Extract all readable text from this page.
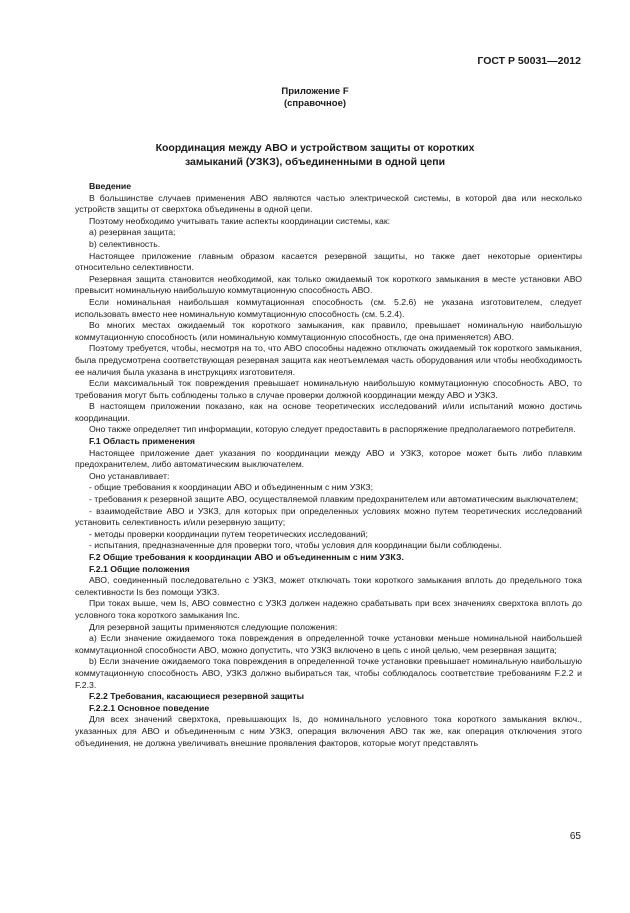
ГОСТ Р 50031—2012
Приложение F
(справочное)
Координация между АВО и устройством защиты от коротких
замыканий (УЗКЗ), объединенными в одной цепи

Введение

В большинстве случаев применения АВО являются частью электрической системы, в которой два или несколько устройств защиты от сверхтока объединены в одной цепи.

Поэтому необходимо учитывать такие аспекты координации системы, как:

а) резервная защита;

b) селективность.

Настоящее приложение главным образом касается резервной защиты, но также дает некоторые ориентиры относительно селективности.

Резервная защита становится необходимой, как только ожидаемый ток короткого замыкания в месте установки АВО превысит номинальную наибольшую коммутационную способность АВО.

Если номинальная наибольшая коммутационная способность (см. 5.2.6) не указана изготовителем, следует использовать вместо нее номинальную коммутационную способность (см. 5.2.4).

Во многих местах ожидаемый ток короткого замыкания, как правило, превышает номинальную наибольшую коммутационную способность (или номинальную коммутационную способность, где она применяется) АВО.

Поэтому требуется, чтобы, несмотря на то, что АВО способны надежно отключать ожидаемый ток короткого замыкания, была предусмотрена соответствующая резервная защита как неотъемлемая часть оборудования или чтобы необходимость ее наличия была указана в инструкциях изготовителя.

Если максимальный ток повреждения превышает номинальную наибольшую коммутационную способность АВО, то требования могут быть соблюдены только в случае проверки должной координации между АВО и УЗКЗ.

В настоящем приложении показано, как на основе теоретических исследований и/или испытаний можно достичь координации.

Оно также определяет тип информации, которую следует предоставить в распоряжение предполагаемого потребителя.

F.1 Область применения

Настоящее приложение дает указания по координации между АВО и УЗКЗ, которое может быть либо плавким предохранителем, либо автоматическим выключателем.

Оно устанавливает:

- общие требования к координации АВО и объединенным с ним УЗКЗ;

- требования к резервной защите АВО, осуществляемой плавким предохранителем или автоматическим выключателем;

- взаимодействие АВО и УЗКЗ, для которых при определенных условиях можно путем теоретических исследований установить селективность и/или резервную защиту;

- методы проверки координации путем теоретических исследований;

- испытания, предназначенные для проверки того, чтобы условия для координации были соблюдены.

F.2 Общие требования к координации АВО и объединенным с ним УЗКЗ.

F.2.1 Общие положения

АВО, соединенный последовательно с УЗКЗ, может отключать токи короткого замыкания вплоть до предельного тока селективности Is без помощи УЗКЗ.

При токах выше, чем Is, АВО совместно с УЗКЗ должен надежно срабатывать при всех значениях сверхтока вплоть до условного тока короткого замыкания Inc.

Для резервной защиты применяются следующие положения:

а) Если значение ожидаемого тока повреждения в определенной точке установки меньше номинальной наибольшей коммутационной способности АВО, можно допустить, что УЗКЗ включено в цепь с иной целью, чем резервная защита;

b) Если значение ожидаемого тока повреждения в определенной точке установки превышает номинальную наибольшую коммутационную способность АВО, УЗКЗ должно выбираться так, чтобы соблюдалось соответствие требованиям F.2.2 и F.2.3.

F.2.2 Требования, касающиеся резервной защиты

F.2.2.1 Основное поведение

Для всех значений сверхтока, превышающих Is, до номинального условного тока короткого замыкания включ., указанных для АВО и объединенным с ним УЗКЗ, операция включения АВО так же, как операция отключения этого объединения, не должна увеличивать внешние проявления факторов, которые могут представлять

65
